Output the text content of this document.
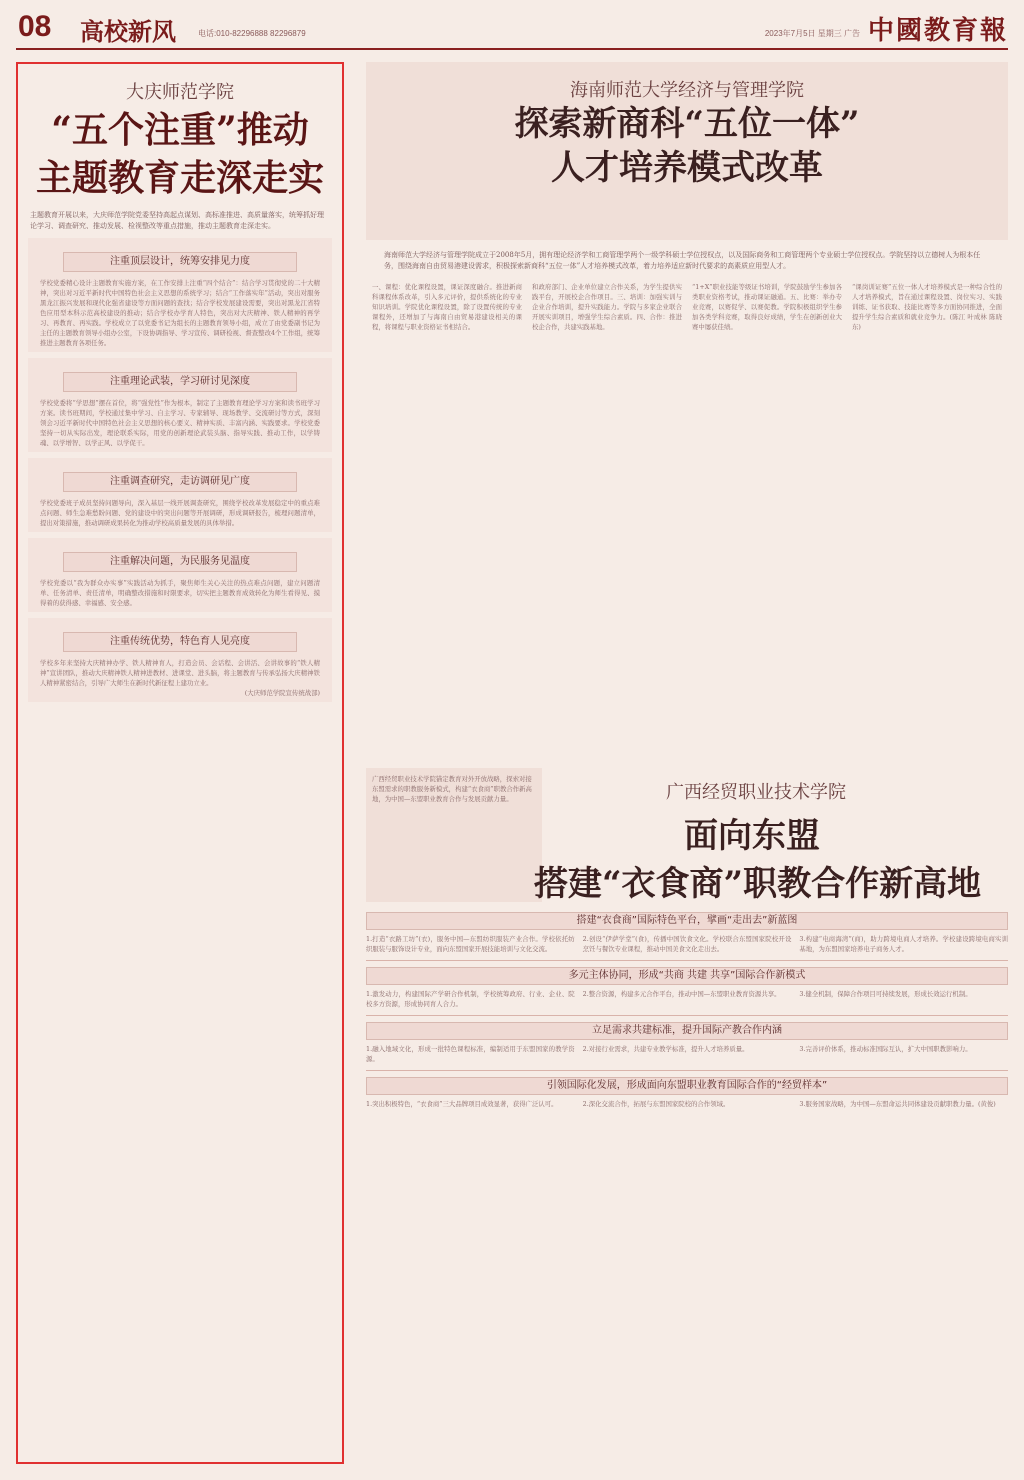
08 高校新风	电话:010-82296888 82296879	2023年7月5日 星期三 广告 中國教育報
大庆师范学院
“五个注重”推动
主题教育走深走实
主题教育开展以来，大庆师范学院党委坚持高起点谋划、高标准推进、高质量落实，统筹抓好理论学习、调查研究、推动发展、检视整改等重点措施，推动主题教育走深走实。
注重顶层设计，统筹安排见力度
学校党委精心设计主题教育实施方案，在工作安排上注重“四个结合”：结合学习贯彻党的二十大精神，突出对习近平新时代中国特色社会主义思想的系统学习；结合“工作落实年”活动，突出对服务黑龙江振兴发展和现代化强省建设等方面问题的查找；结合学校发展建设需要，突出对黑龙江省特色应用型本科示范高校建设的推动；结合学校办学育人特色，突出对大庆精神、铁人精神的再学习、再教育、再实践。学校成立了以党委书记为组长的主题教育领导小组，成立了由党委副书记为主任的主题教育领导小组办公室，下设协调指导、学习宣传、调研检视、督查整改4个工作组，统筹推进主题教育各项任务。
注重理论武装，学习研讨见深度
学校党委将“学思想”摆在首位，将“强党性”作为根本，制定了主题教育理论学习方案和读书班学习方案。读书班期间，学校通过集中学习、自主学习、专家辅导、现场教学、交流研讨等方式，深刻领会习近平新时代中国特色社会主义思想的核心要义、精神实质、丰富内涵、实践要求。学校党委坚持一切从实际出发，理论联系实际，用党的创新理论武装头脑、指导实践、推动工作，以学铸魂、以学增智、以学正风、以学促干。
注重调查研究，走访调研见广度
学校党委班子成员坚持问题导向，深入基层一线开展调查研究，围绕学校改革发展稳定中的重点难点问题、师生急难愁盼问题、党的建设中的突出问题等开展调研，形成调研报告，梳理问题清单，提出对策措施，推动调研成果转化为推动学校高质量发展的具体举措。
注重解决问题，为民服务见温度
学校党委以“我为群众办实事”实践活动为抓手，聚焦师生关心关注的热点难点问题，建立问题清单、任务清单、责任清单，明确整改措施和时限要求，切实把主题教育成效转化为师生看得见、摸得着的获得感、幸福感、安全感。
注重传统优势，特色育人见亮度
学校多年来坚持大庆精神办学、铁人精神育人，打造会员、会话程、会讲活、会讲故事的“铁人精神”宣讲团队，推动大庆精神铁人精神进教材、进课堂、进头脑，将主题教育与传承弘扬大庆精神铁人精神紧密结合，引导广大师生在新时代新征程上建功立业。
(大庆师范学院宣传统战部)
海南师范大学经济与管理学院
探索新商科“五位一体”
人才培养模式改革
海南师范大学经济与管理学院成立于2008年5月，拥有理论经济学和工商管理学两个一级学科硕士学位授权点，以及国际商务和工商管理两个专业硕士学位授权点。学院坚持以立德树人为根本任务，围绕海南自由贸易港建设需求，积极探索新商科“五位一体”人才培养模式改革，着力培养适应新时代要求的高素质应用型人才。
一、课程：优化课程设置，课证深度融合。推进新商科课程体系改革，引入多元评价，提供系统化的专业知识培训。学院优化课程设置，除了设置传统的专业课程外，还增加了与海南自由贸易港建设相关的课程，将课程与职业资格证书相结合。
和政府部门、企业单位建立合作关系，为学生提供实践平台，开展校企合作项目。三、培训：加强实训与企业合作培训，提升实践能力。学院与多家企业联合开展实训项目，增强学生综合素质。四、合作：推进校企合作，共建实践基地。
“1+X”职业技能等级证书培训，学院鼓励学生参加各类职业资格考试，推动课证融通。五、比赛：举办专业竞赛，以赛促学、以赛促教。学院积极组织学生参加各类学科竞赛，取得良好成绩，学生在创新创业大赛中屡获佳绩。
“课岗训证赛”五位一体人才培养模式是一种综合性的人才培养模式，旨在通过课程设置、岗位实习、实践训练、证书获取、技能比赛等多方面协同推进，全面提升学生综合素质和就业竞争力。(陈江 叶成林 陈晓东)
广西经贸职业技术学院锚定教育对外开放战略，探索对接东盟需求的职教服务新模式，构建“衣食商”职教合作新高地，为中国—东盟职业教育合作与发展贡献力量。	广西经贸职业技术学院
面向东盟
搭建“衣食商”职教合作新高地
搭建“衣食商”国际特色平台，擘画“走出去”新蓝图
1.打造“衣路工坊”(衣)，服务中国—东盟纺织服装产业合作。学校依托纺织服装与服饰设计专业，面向东盟国家开展技能培训与文化交流。
2.创设“伊萨学堂”(食)，传播中国饮食文化。学校联合东盟国家院校开设烹饪与餐饮专业课程，推动中国美食文化走出去。
3.构建“电商海湾”(商)，助力跨境电商人才培养。学校建设跨境电商实训基地，为东盟国家培养电子商务人才。
多元主体协同，形成“共商 共建 共享”国际合作新模式
1.激发动力，构建国际产学研合作机制，学校统筹政府、行业、企业、院校多方资源，形成协同育人合力。
2.整合资源，构建多元合作平台，推动中国—东盟职业教育资源共享。	3.健全机制，保障合作项目可持续发展，形成长效运行机制。
立足需求共建标准，提升国际产教合作内涵
1.融入地域文化，形成一批特色课程标准，编制适用于东盟国家的教学资源。
2.对接行业需求，共建专业教学标准，提升人才培养质量。	3.完善评价体系，推动标准国际互认，扩大中国职教影响力。
引领国际化发展，形成面向东盟职业教育国际合作的“经贸样本”
1.突出积极特色，“衣食商”三大品牌项目成效显著，获得广泛认可。	2.深化交流合作，拓展与东盟国家院校的合作领域。	3.服务国家战略，为中国—东盟命运共同体建设贡献职教力量。(黄俊)
